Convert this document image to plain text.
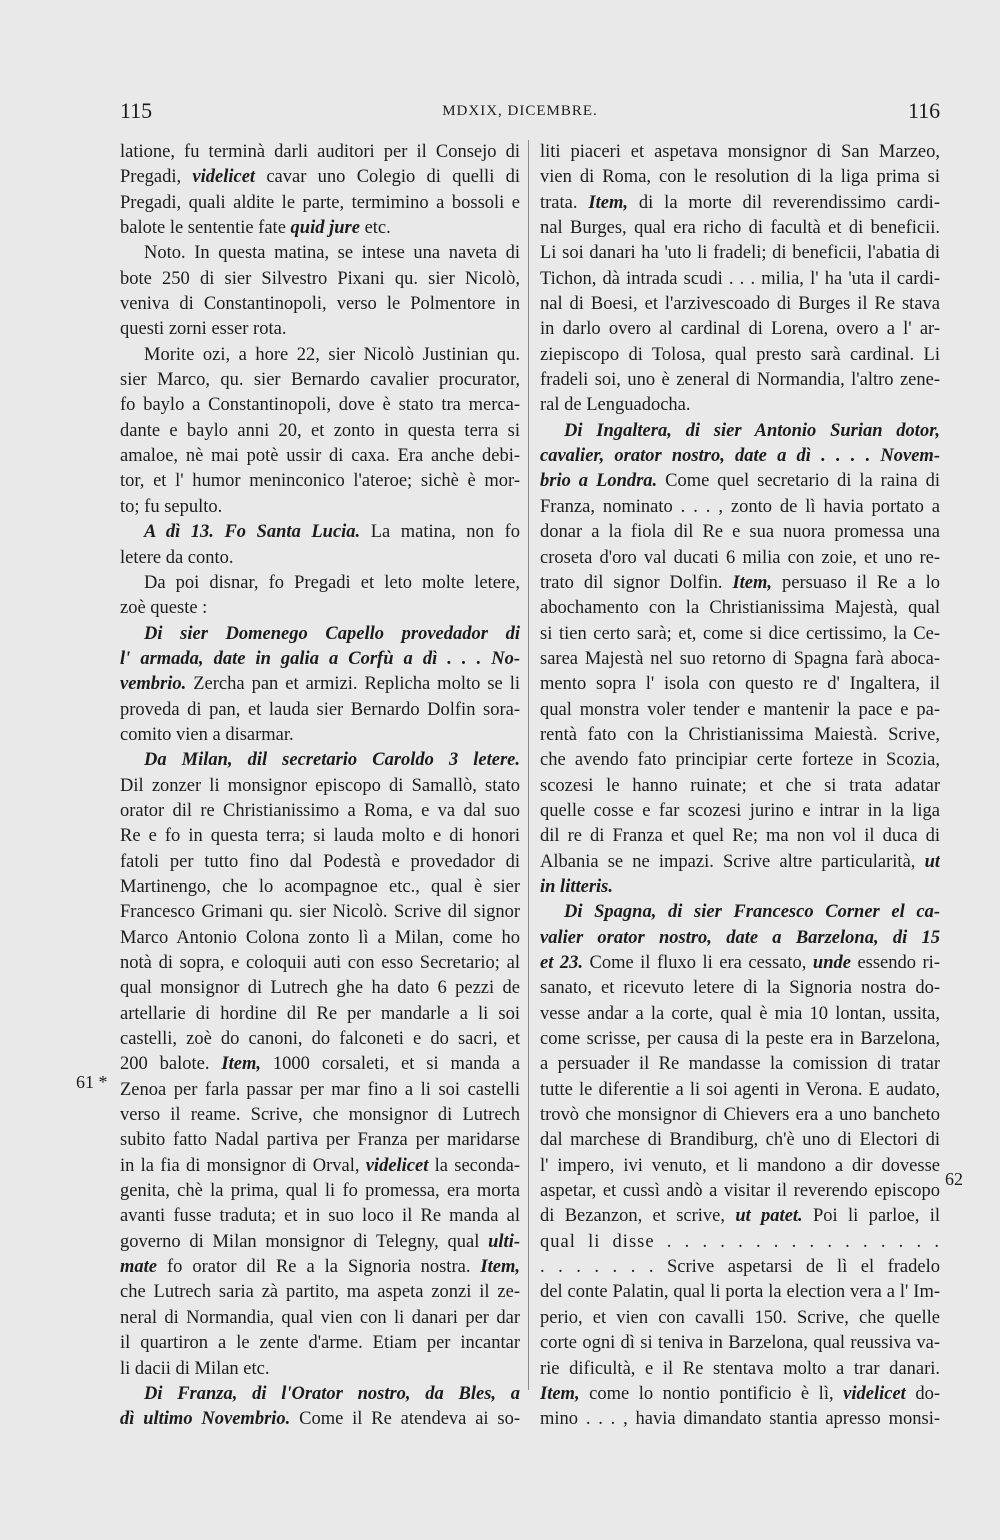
115	MDXIX, DICEMBRE.	116
latione, fu terminà darli auditori per il Consejo di
Pregadi, videlicet cavar uno Colegio di quelli di
Pregadi, quali aldite le parte, termimino a bossoli e
balote le sententie fate quid jure etc.
Noto. In questa matina, se intese una naveta di
bote 250 di sier Silvestro Pixani qu. sier Nicolò,
veniva di Constantinopoli, verso le Polmentore in
questi zorni esser rota.
Morite ozi, a hore 22, sier Nicolò Justinian qu.
sier Marco, qu. sier Bernardo cavalier procurator,
fo baylo a Constantinopoli, dove è stato tra merca-
dante e baylo anni 20, et zonto in questa terra si
amaloe, nè mai potè ussir di caxa. Era anche debi-
tor, et l' humor meninconico l'ateroe; sichè è mor-
to; fu sepulto.
A dì 13. Fo Santa Lucia. La matina, non fo
letere da conto.
Da poi disnar, fo Pregadi et leto molte letere,
zoè queste :
Di sier Domenego Capello provedador di
l' armada, date in galia a Corfù a dì . . . No-
vembrio. Zercha pan et armizi. Replicha molto se li
proveda di pan, et lauda sier Bernardo Dolfin sora-
comito vien a disarmar.
Da Milan, dil secretario Caroldo 3 letere.
Dil zonzer li monsignor episcopo di Samallò, stato
orator dil re Christianissimo a Roma, e va dal suo
Re e fo in questa terra; si lauda molto e di honori
fatoli per tutto fino dal Podestà e provedador di
Martinengo, che lo acompagnoe etc., qual è sier
Francesco Grimani qu. sier Nicolò. Scrive dil signor
Marco Antonio Colona zonto lì a Milan, come ho
notà di sopra, e coloquii auti con esso Secretario; al
qual monsignor di Lutrech ghe ha dato 6 pezzi de
artellarie di hordine dil Re per mandarle a li soi
castelli, zoè do canoni, do falconeti e do sacri, et
200 balote. Item, 1000 corsaleti, et si manda a
Zenoa per farla passar per mar fino a li soi castelli
verso il reame. Scrive, che monsignor di Lutrech
subito fatto Nadal partiva per Franza per maridarse
in la fia di monsignor di Orval, videlicet la seconda-
genita, chè la prima, qual li fo promessa, era morta
avanti fusse traduta; et in suo loco il Re manda al
governo di Milan monsignor di Telegny, qual ulti-
mate fo orator dil Re a la Signoria nostra. Item,
che Lutrech saria zà partito, ma aspeta zonzi il ze-
neral di Normandia, qual vien con li danari per dar
il quartiron a le zente d'arme. Etiam per incantar
li dacii di Milan etc.
Di Franza, di l'Orator nostro, da Bles, a
dì ultimo Novembrio. Come il Re atendeva ai so-
liti piaceri et aspetava monsignor di San Marzeo,
vien di Roma, con le resolution di la liga prima si
trata. Item, di la morte dil reverendissimo cardi-
nal Burges, qual era richo di facultà et di beneficii.
Li soi danari ha 'uto li fradeli; di beneficii, l'abatia di
Tichon, dà intrada scudi . . . milia, l' ha 'uta il cardi-
nal di Boesi, et l'arzivescoado di Burges il Re stava
in darlo overo al cardinal di Lorena, overo a l' ar-
ziepiscopo di Tolosa, qual presto sarà cardinal. Li
fradeli soi, uno è zeneral di Normandia, l'altro zene-
ral de Lenguadocha.
Di Ingaltera, di sier Antonio Surian dotor,
cavalier, orator nostro, date a dì . . . . Novem-
brio a Londra. Come quel secretario di la raina di
Franza, nominato . . . , zonto de lì havia portato a
donar a la fiola dil Re e sua nuora promessa una
croseta d'oro val ducati 6 milia con zoie, et uno re-
trato dil signor Dolfin. Item, persuaso il Re a lo
abochamento con la Christianissima Majestà, qual
si tien certo sarà; et, come si dice certissimo, la Ce-
sarea Majestà nel suo retorno di Spagna farà aboca-
mento sopra l' isola con questo re d' Ingaltera, il
qual monstra voler tender e mantenir la pace e pa-
rentà fato con la Christianissima Maiestà. Scrive,
che avendo fato principiar certe forteze in Scozia,
scozesi le hanno ruinate; et che si trata adatar
quelle cosse e far scozesi jurino e intrar in la liga
dil re di Franza et quel Re; ma non vol il duca di
Albania se ne impazi. Scrive altre particularità, ut
in litteris.
Di Spagna, di sier Francesco Corner el ca-
valier orator nostro, date a Barzelona, di 15
et 23. Come il fluxo li era cessato, unde essendo ri-
sanato, et ricevuto letere di la Signoria nostra do-
vesse andar a la corte, qual è mia 10 lontan, ussita,
come scrisse, per causa di la peste era in Barzelona,
a persuader il Re mandasse la comission di tratar
tutte le diferentie a li soi agenti in Verona. E audato,
trovò che monsignor di Chievers era a uno bancheto
dal marchese di Brandiburg, ch'è uno di Electori di
l' impero, ivi venuto, et li mandono a dir dovesse
aspetar, et cussì andò a visitar il reverendo episcopo
di Bezanzon, et scrive, ut patet. Poi li parloe, il
qual li disse . . . . . . . . . . . . . . . .
. . . . . . . Scrive aspetarsi de lì el fradelo
del conte Palatin, qual li porta la election vera a l' Im-
perio, et vien con cavalli 150. Scrive, che quelle
corte ogni dì si teniva in Barzelona, qual reussiva va-
rie dificultà, e il Re stentava molto a trar danari.
Item, come lo nontio pontificio è lì, videlicet do-
mino . . . , havia dimandato stantia apresso monsi-
61 *
62
